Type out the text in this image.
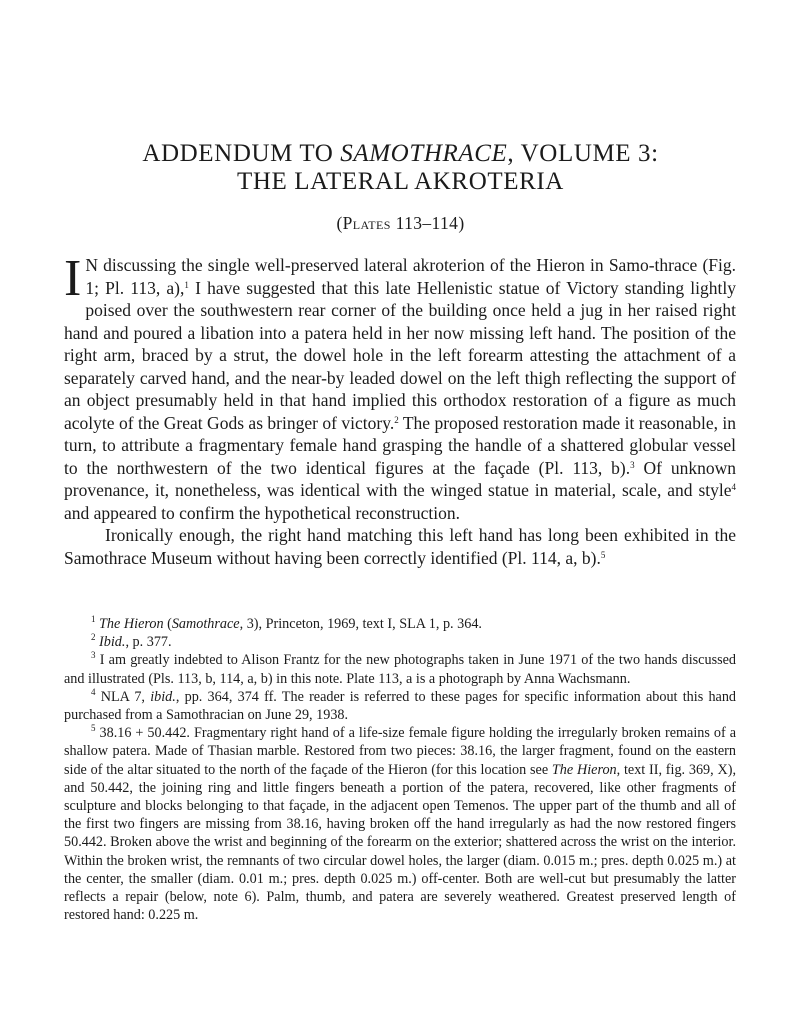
ADDENDUM TO SAMOTHRACE, VOLUME 3:
THE LATERAL AKROTERIA
(Plates 113–114)

I N discussing the single well-preserved lateral akroterion of the Hieron in Samo-thrace (Fig. 1; Pl. 113, a),$^1$ I have suggested that this late Hellenistic statue of Victory standing lightly poised over the southwestern rear corner of the building once held a jug in her raised right hand and poured a libation into a patera held in her now missing left hand. The position of the right arm, braced by a strut, the dowel hole in the left forearm attesting the attachment of a separately carved hand, and the near-by leaded dowel on the left thigh reflecting the support of an object presumably held in that hand implied this orthodox restoration of a figure as much acolyte of the Great Gods as bringer of victory.$^2$ The proposed restoration made it reasonable, in turn, to attribute a fragmentary female hand grasping the handle of a shattered globular vessel to the northwestern of the two identical figures at the façade (Pl. 113, b).$^3$ Of unknown provenance, it, nonetheless, was identical with the winged statue in material, scale, and style$^4$ and appeared to confirm the hypothetical reconstruction.

Ironically enough, the right hand matching this left hand has long been exhibited in the Samothrace Museum without having been correctly identified (Pl. 114, a, b).$^5$

$^1$ The Hieron (Samothrace, 3), Princeton, 1969, text I, SLA 1, p. 364.

$^2$ Ibid., p. 377.

$^3$ I am greatly indebted to Alison Frantz for the new photographs taken in June 1971 of the two hands discussed and illustrated (Pls. 113, b, 114, a, b) in this note. Plate 113, a is a photograph by Anna Wachsmann.

$^4$ NLA 7, ibid., pp. 364, 374 ff. The reader is referred to these pages for specific information about this hand purchased from a Samothracian on June 29, 1938.

$^5$ 38.16 + 50.442. Fragmentary right hand of a life-size female figure holding the irregularly broken remains of a shallow patera. Made of Thasian marble. Restored from two pieces: 38.16, the larger fragment, found on the eastern side of the altar situated to the north of the façade of the Hieron (for this location see The Hieron, text II, fig. 369, X), and 50.442, the joining ring and little fingers beneath a portion of the patera, recovered, like other fragments of sculpture and blocks belonging to that façade, in the adjacent open Temenos. The upper part of the thumb and all of the first two fingers are missing from 38.16, having broken off the hand irregularly as had the now restored fingers 50.442. Broken above the wrist and beginning of the forearm on the exterior; shattered across the wrist on the interior. Within the broken wrist, the remnants of two circular dowel holes, the larger (diam. 0.015 m.; pres. depth 0.025 m.) at the center, the smaller (diam. 0.01 m.; pres. depth 0.025 m.) off-center. Both are well-cut but presumably the latter reflects a repair (below, note 6). Palm, thumb, and patera are severely weathered. Greatest preserved length of restored hand: 0.225 m.
